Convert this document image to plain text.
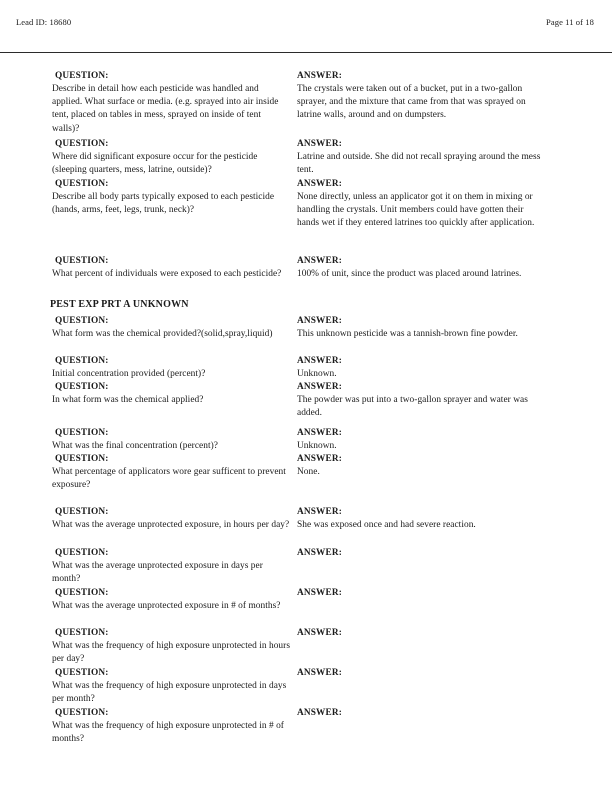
Lead ID: 18680	Page 11 of 18
QUESTION:
Describe in detail how each pesticide was handled and applied. What surface or media. (e.g. sprayed into air inside tent, placed on tables in mess, sprayed on inside of tent walls)?
ANSWER:
The crystals were taken out of a bucket, put in a two-gallon sprayer, and the mixture that came from that was sprayed on latrine walls, around and on dumpsters.
QUESTION:
Where did significant exposure occur for the pesticide (sleeping quarters, mess, latrine, outside)?
ANSWER:
Latrine and outside. She did not recall spraying around the mess tent.
QUESTION:
Describe all body parts typically exposed to each pesticide (hands, arms, feet, legs, trunk, neck)?
ANSWER:
None directly, unless an applicator got it on them in mixing or handling the crystals. Unit members could have gotten their hands wet if they entered latrines too quickly after application.
QUESTION:
What percent of individuals were exposed to each pesticide?
ANSWER:
100% of unit, since the product was placed around latrines.
PEST EXP PRT A UNKNOWN
QUESTION:
What form was the chemical provided?(solid,spray,liquid)
ANSWER:
This unknown pesticide was a tannish-brown fine powder.
QUESTION:
Initial concentration provided (percent)?
ANSWER:
Unknown.
QUESTION:
In what form was the chemical applied?
ANSWER:
The powder was put into a two-gallon sprayer and water was added.
QUESTION:
What was the final concentration (percent)?
ANSWER:
Unknown.
QUESTION:
What percentage of applicators wore gear sufficent to prevent exposure?
ANSWER:
None.
QUESTION:
What was the average unprotected exposure, in hours per day?
ANSWER:
She was exposed once and had severe reaction.
QUESTION:
What was the average unprotected exposure in days per month?
ANSWER:
QUESTION:
What was the average unprotected exposure in # of months?
ANSWER:
QUESTION:
What was the frequency of high exposure unprotected in hours per day?
ANSWER:
QUESTION:
What was the frequency of high exposure unprotected in days per month?
ANSWER:
QUESTION:
What was the frequency of high exposure unprotected in # of months?
ANSWER:
